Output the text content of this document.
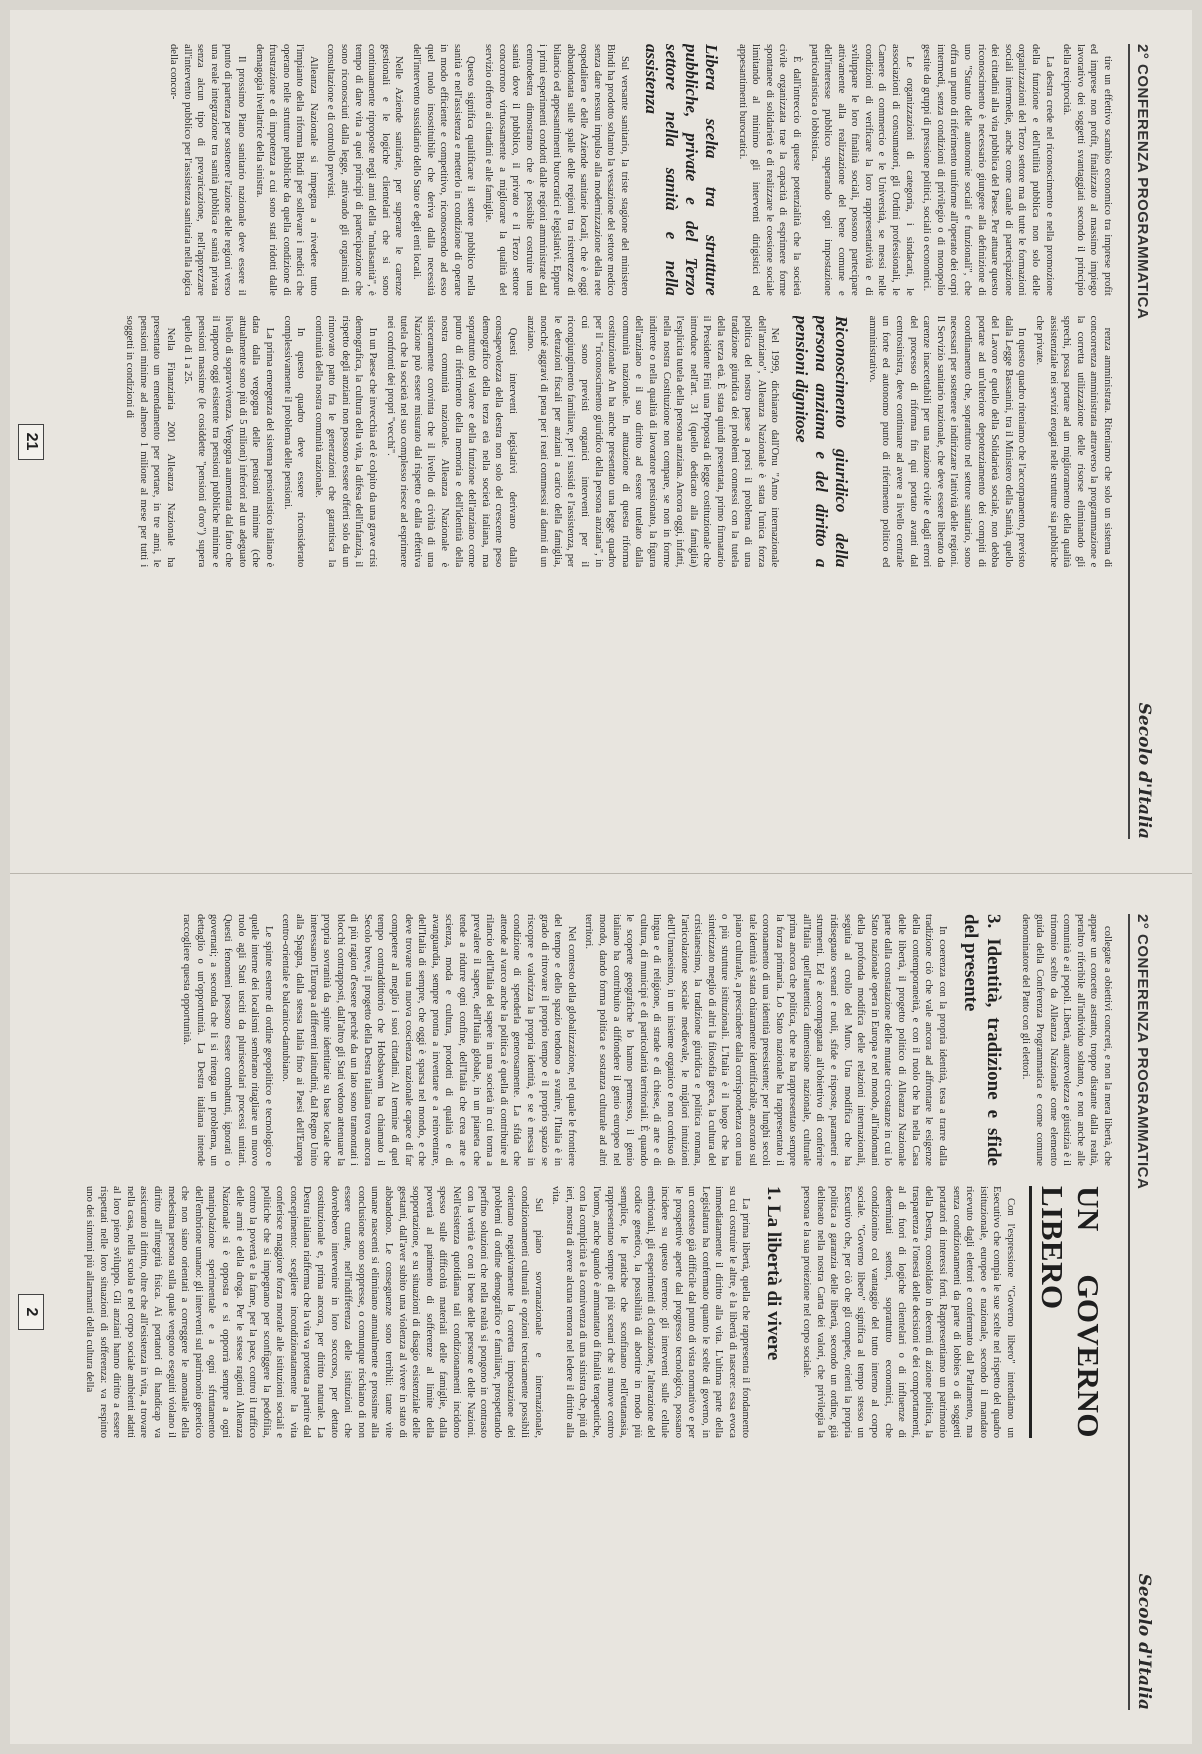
2° CONFERENZA PROGRAMMATICA
Secolo d'Italia

tire un effettivo scambio economico tra imprese profit ed imprese non profit, finalizzato al massimo impiego lavorativo dei soggetti svantaggiati secondo il principio della reciprocità.

La destra crede nel riconoscimento e nella promozione della funzione e dell'utilità pubblica non solo delle organizzazioni del Terzo settore ma di tutte le formazioni sociali intermedie, anche come canale di partecipazione dei cittadini alla vita pubblica del Paese. Per attuare questo riconoscimento è necessario giungere alla definizione di uno "Statuto delle autonomie sociali e funzionali", che offra un punto di riferimento uniforme all'operato dei corpi intermedi, senza condizioni di privilegio o di monopolio gestite da gruppi di pressione politici, sociali o economici.

Le organizzazioni di categoria, i sindacati, le associazioni di consumatori, gli Ordini professionali, le Camere di commercio e le Università, se messi nelle condizioni di verificare la loro rappresentatività e di sviluppare le loro finalità sociali, possono partecipare attivamente alla realizzazione del bene comune e dell'interesse pubblico superando ogni impostazione particolaristica o lobbistica.

È dall'intreccio di queste potenzialità che la società civile organizzata trae la capacità di esprimere forme spontanee di solidarietà e di realizzare le coesione sociale limitando al minimo gli interventi dirigistici ed appesantimenti burocratici.

Libera scelta tra strutture pubbliche, private e del Terzo settore nella sanità e nella assistenza

Sul versante sanitario, la triste stagione del ministero Bindi ha prodotto soltanto la vessazione del settore medico senza dare nessun impulso alla modernizzazione della rete ospedaliera e delle Aziende sanitarie locali, che è oggi abbandonata sulle spalle delle regioni tra ristrettezze di bilancio ed appesantimenti burocratici e legislativi. Eppure i primi esperimenti condotti dalle regioni amministrate dal centrodestra dimostrano che è possibile costruire una sanità dove il pubblico, il privato e il Terzo settore concorrono virtuosamente a migliorare la qualità del servizio offerto ai cittadini e alle famiglie.

Questo significa qualificare il settore pubblico nella sanità e nell'assistenza e metterlo in condizione di operare in modo efficiente e competitivo, riconoscendo ad esso quel ruolo insostituibile che deriva dalla necessità dell'intervento sussidiario dello Stato e degli enti locali.

Nelle Aziende sanitarie, per superare le carenze gestionali e le logiche clientelari che si sono continuamente riproposte negli anni della "malasanità", è tempo di dare vita a quei principi di partecipazione che sono riconosciuti dalla legge, attivando gli organismi di consultazione e di controllo previsti.

Alleanza Nazionale si impegna a rivedere tutto l'impianto della riforma Bindi per sollevare i medici che operano nelle strutture pubbliche da quella condizione di frustrazione e di impotenza a cui sono stati ridotti dalle demagogia livellatrice della sinistra.

Il prossimo Piano sanitario nazionale deve essere il punto di partenza per sostenere l'azione delle regioni verso una reale integrazione tra sanità pubblica e sanità privata senza alcun tipo di prevaricazione, nell'apprezzare all'intervento pubblico per l'assistenza sanitaria nella logica della concor-

renza amministrata. Riteniamo che solo un sistema di concorrenza amministrata attraverso la programmazione e la corretta utilizzazione delle risorse eliminando gli sprechi, possa portare ad un miglioramento della qualità assistenziale nei servizi erogati nelle strutture sia pubbliche che private.

In questo quadro riteniamo che l'accorpamento, previsto dalla Legge Bassanini, tra il Ministero della Sanità, quello del Lavoro e quello della Solidarietà sociale, non debba portare ad un'ulteriore depotenziamento dei compiti di coordinamento che, soprattutto nel settore sanitario, sono necessari per sostenere e indirizzare l'attività delle regioni. Il Servizio sanitario nazionale, che deve essere liberato da carenze inaccettabili per una nazione civile e dagli errori del processo di riforma fin qui portato avanti dal centrosinistra, deve continuare ad avere a livello centrale un forte ed autonomo punto di riferimento politico ed amministrativo.

Riconoscimento giuridico della persona anziana e del diritto a pensioni dignitose

Nel 1999, dichiarato dall'Onu "Anno internazionale dell'anziano", Alleanza Nazionale è stata l'unica forza politica del nostro paese a porsi il problema di una tradizione giuridica dei problemi connessi con la tutela della terza età. È stata quindi presentata, primo firmatario il Presidente Fini una Proposta di legge costituzionale che introduce nell'art. 31 (quello dedicato alla famiglia) l'esplicita tutela della persona anziana. Ancora oggi, infatti, nella nostra Costituzione non compare, se non in forme indirette o nella qualità di lavoratore pensionato, la figura dell'anziano e il suo diritto ad essere tutelato dalla comunità nazionale. In attuazione di questa riforma costituzionale An ha anche presentato una legge quadro per il "riconoscimento giuridico della persona anziana", in cui sono previsti organici interventi per il ricongiungimento familiare, per i sussidi e l'assistenza, per le detrazioni fiscali per anziani a carico della famiglia, nonché aggravi di pena per i reati commessi ai danni di un anziano.

Questi interventi legislativi derivano dalla consapevolezza della destra non solo del crescente peso demografico della terza età nella società italiana, ma soprattutto del valore e della funzione dell'anziano come punto di riferimento della memoria e dell'identità della nostra comunità nazionale. Alleanza Nazionale è sinceramente convinta che il livello di civiltà di una Nazione può essere misurato dal rispetto e dalla effettiva tutela che la società nel suo complesso riesce ad esprimere nei confronti dei propri "vecchi".

In un Paese che invecchia ed è colpito da una grave crisi demografica, la cultura della vita, la difesa dell'infanzia, il rispetto degli anziani non possono essere offerti solo da un rinnovato patto fra le generazioni che garantisca la continuità della nostra comunità nazionale.

In questo quadro deve essere riconsiderato complessivamente il problema delle pensioni.

La prima emergenza del sistema pensionistico italiano è data dalla vergogna delle pensioni minime (che attualmente sono più di 5 milioni) inferiori ad un adeguato livello di sopravvivenza. Vergogna aumentata dal fatto che il rapporto oggi esistente tra pensioni pubbliche minime e pensioni massime (le cosiddette "pensioni d'oro") supera quello di 1 a 25.

Nella Finanziaria 2001 Alleanza Nazionale ha presentato un emendamento per portare, in tre anni, le pensioni minime ad almeno 1 milione al mese per tutti i soggetti in condizioni di

21
2° CONFERENZA PROGRAMMATICA
Secolo d'Italia

collegate a obiettivi concreti, e non la mera libertà, che appare un concetto astratto, troppo distante dalla realtà, peraltro riferibile all'individuo soltanto, e non anche alle comunità e ai popoli. Libertà, autorevolezza e giustizia è il trinomio scelto da Alleanza Nazionale come elemento guida della Conferenza Programmatica e come comune denominatore del Patto con gli elettori.

3. Identità, tradizione e sfide del presente

In coerenza con la propria identità, tesa a trarre dalla tradizione ciò che vale ancora ad affrontare le esigenze della contemporaneità, e con il ruolo che ha nella Casa delle libertà, il progetto politico di Alleanza Nazionale parte dalla constatazione delle mutate circostanze in cui lo Stato nazionale opera in Europa e nel mondo, all'indomani della profonda modifica delle relazioni internazionali, seguita al crollo del Muro. Una modifica che ha ridisegnato scenari e ruoli, sfide e risposte, parametri e strumenti. Ed è accompagnata all'obiettivo di conferire all'Italia quell'autentica dimensione nazionale, culturale prima ancora che politica, che ne ha rappresentato sempre la forza primaria. Lo Stato nazionale ha rappresentato il coronamento di una identità preesistente; per lunghi secoli tale identità è stata chiaramente identificabile, ancorato sul piano culturale, a prescindere dalla corrispondenza con una o più strutture istituzionali. L'Italia è il luogo che ha sintetizzato meglio di altri la filosofia greca, la cultura del cristianesimo, la tradizione giuridica e politica romana, l'articolazione sociale medievale, le migliori intuizioni dell'Umanesimo, in un insieme organico e non confuso di lingua e di religione, di strade e di chiese, di arte e di cultura, di municipi e di particolarità territoriali. È quando le scoperte geografiche lo hanno permesso, il genio italiano ha contribuito a diffondere il genio europeo nel mondo, dando forma politica e sostanza culturale ad altri territori.

Nel contesto della globalizzazione, nel quale le frontiere del tempo e dello spazio tendono a svanire, l'Italia è in grado di ritrovare il proprio tempo e il proprio spazio se riscopre e valorizza la propria identità, e se è messa in condizione di spenderla generosamente. La sfida che attende al varco anche la politica è quella di contribuire al rilancio dell'Italia del sapere in una società in cui torna a prevalere il sapere, dell'Italia globale, in un pianeta che tende a ridurre ogni confine, dell'Italia che crea arte e scienza, moda e cultura, prodotti di qualità e di avanguardia, sempre pronta a inventare e a reinventare, dell'Italia di sempre, che oggi è sparsa nel mondo, e che deve trovare una nuova coscienza nazionale capace di far competere al meglio i suoi cittadini. Al termine di quel tempo contraddittorio che Hobsbawm ha chiamato il Secolo breve, il progetto della Destra italiana trova ancora di più ragion d'essere perché da un lato sono tramontati i blocchi contrapposti, dall'altro gli Stati vedono attenuare la propria sovranità da spinte identitarie su base locale che interessano l'Europa a differenti latitudini, dal Regno Unito alla Spagna, dalla stessa Italia fino ai Paesi dell'Europa centro-orientale e balcanico-danubiano.

Le spinte esterne di ordine geopolitico e tecnologico e quelle interne dei localismi sembrano ritagliare un nuovo ruolo agli Stati usciti da plurisecolari processi unitari. Questi fenomeni possono essere combattuti, ignorati o governati; a seconda che li si ritenga un problema, un dettaglio o un'opportunità. La Destra italiana intende raccogliere questa opportunità.

UN GOVERNO LIBERO

Con l'espressione "Governo libero" intendiamo un Esecutivo che compia le sue scelte nel rispetto del quadro istituzionale, europeo e nazionale, secondo il mandato ricevuto dagli elettori e confermato dal Parlamento, ma senza condizionamenti da parte di lobbies o di soggetti portatori di interessi forti. Rappresentiamo un patrimonio della Destra, consolidato in decenni di azione politica, la trasparenza e l'onestà delle decisioni e dei comportamenti, al di fuori di logiche clientelari o di influenze di determinati settori, soprattutto economici, che condizionino col vantaggio del tutto interno al corpo sociale. "Governo libero" significa al tempo stesso un Esecutivo che, per ciò che gli compete, orienti la propria politica a garanzia delle libertà, secondo un ordine, già delineato nella nostra Carta dei valori, che privilegia la persona e la sua proiezione nel corpo sociale.

1. La libertà di vivere

La prima libertà, quella che rappresenta il fondamento su cui costruire le altre, è la libertà di nascere: essa evoca immediatamente il diritto alla vita. L'ultima parte della Legislatura ha confermato quanto le scelte di governo, in un contesto già difficile dal punto di vista normativo e per le prospettive aperte dal progresso tecnologico, possano incidere su questo terreno: gli interventi sulle cellule embrionali, gli esperimenti di clonazione, l'alterazione del codice genetico, la possibilità di abortire in modo più semplice, le pratiche che sconfinano nell'eutanasia, rappresentano sempre di più scenari che si muove contro l'uomo, anche quando è ammantato di finalità terapeutiche, con la complicità e la connivenza di una sinistra che, più di ieri, mostra di avere alcuna remora nel ledere il diritto alla vita.

Sul piano sovranazionale e internazionale, condizionamenti culturali e opzioni tecnicamente possibili orientano negativamente la corretta impostazione dei problemi di ordine demografico e familiare, prospettando perfino soluzioni che nella realtà si pongono in contrasto con la verità e con il bene delle persone e delle Nazioni. Nell'esistenza quotidiana tali condizionamenti incidono spesso sulle difficoltà materiali delle famiglie, dalla povertà al patimento di sofferenze al limite della sopportazione, e su situazioni di disagio esistenziale delle gestanti, dall'aver subìto una violenza al vivere in stato di abbandono. Le conseguenze sono terribili: tante vite umane nascenti si eliminano annualmente e prossime alla conclusione sono soppresse, o comunque rischiano di non essere curate, nell'indifferenza delle istituzioni che dovrebbero intervenire in loro soccorso, per dettato costituzionale e, prima ancora, per diritto naturale. La Destra italiana riafferma che la vita va protetta a partire dal concepimento: scegliere incondizionatamente la vita conferisce maggiore forza morale alle istituzioni sociali e politiche che si impegnano per sconfiggere la pedofilia, contro la povertà e la fame, per la pace, contro il traffico delle armi e della droga. Per le stesse ragioni Alleanza Nazionale si è opposta e si opporrà sempre a ogni manipolazione sperimentale e a ogni sfruttamento dell'embrione umano: gli interventi sul patrimonio genetico che non siano orientati a correggere le anomalie della medesima persona sulla quale vengono eseguiti violano il diritto all'integrità fisica. Ai portatori di handicap va assicurato il diritto, oltre che all'esistenza in vita, a trovare nella casa, nella scuola e nel corpo sociale ambienti adatti al loro pieno sviluppo. Gli anziani hanno diritto a essere rispettati nelle loro situazioni di sofferenza: va respinto uno dei sintomi più allarmanti della cultura della

2
